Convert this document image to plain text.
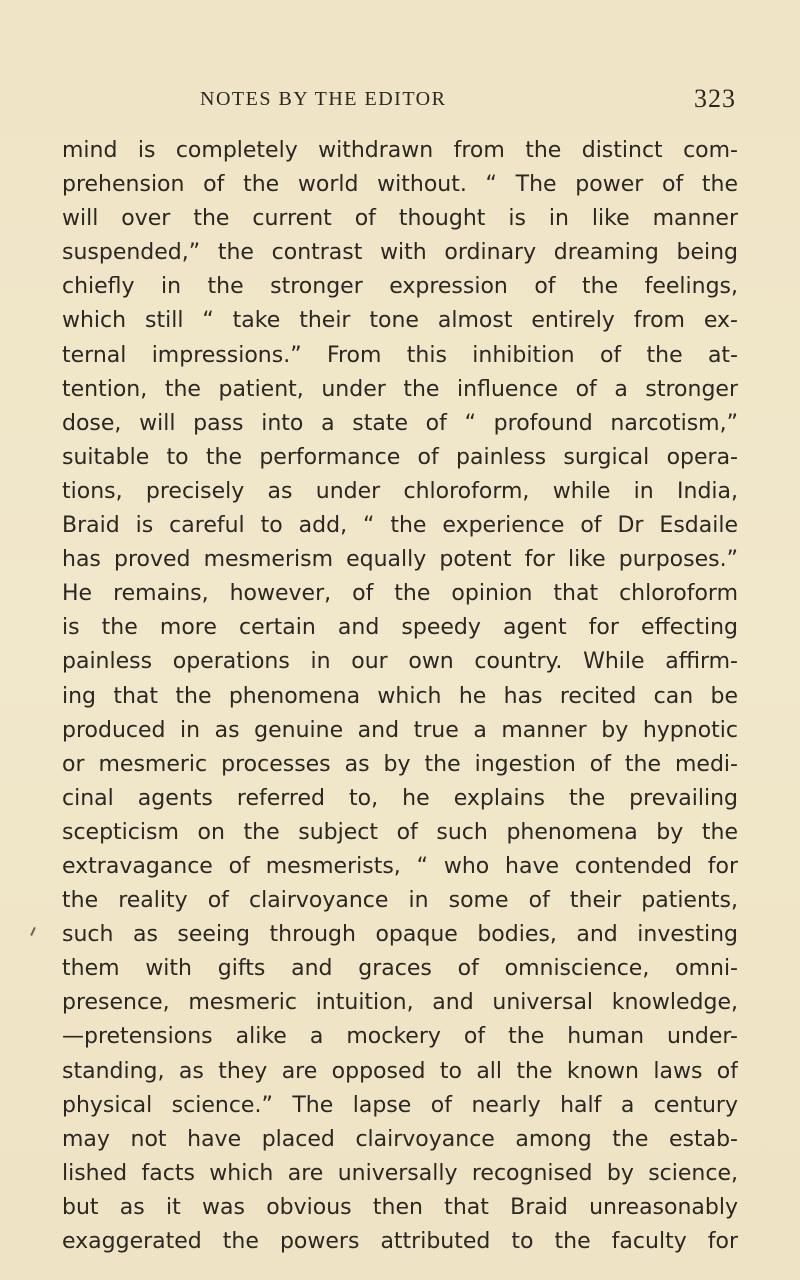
NOTES BY THE EDITOR	323
mind is completely withdrawn from the distinct com-
prehension of the world without. “ The power of the
will over the current of thought is in like manner
suspended,” the contrast with ordinary dreaming being
chiefly in the stronger expression of the feelings,
which still “ take their tone almost entirely from ex-
ternal impressions.” From this inhibition of the at-
tention, the patient, under the influence of a stronger
dose, will pass into a state of “ profound narcotism,”
suitable to the performance of painless surgical opera-
tions, precisely as under chloroform, while in India,
Braid is careful to add, “ the experience of Dr Esdaile
has proved mesmerism equally potent for like purposes.”
He remains, however, of the opinion that chloroform
is the more certain and speedy agent for effecting
painless operations in our own country. While affirm-
ing that the phenomena which he has recited can be
produced in as genuine and true a manner by hypnotic
or mesmeric processes as by the ingestion of the medi-
cinal agents referred to, he explains the prevailing
scepticism on the subject of such phenomena by the
extravagance of mesmerists, “ who have contended for
the reality of clairvoyance in some of their patients,
such as seeing through opaque bodies, and investing
them with gifts and graces of omniscience, omni-
presence, mesmeric intuition, and universal knowledge,
—pretensions alike a mockery of the human under-
standing, as they are opposed to all the known laws of
physical science.” The lapse of nearly half a century
may not have placed clairvoyance among the estab-
lished facts which are universally recognised by science,
but as it was obvious then that Braid unreasonably
exaggerated the powers attributed to the faculty for
